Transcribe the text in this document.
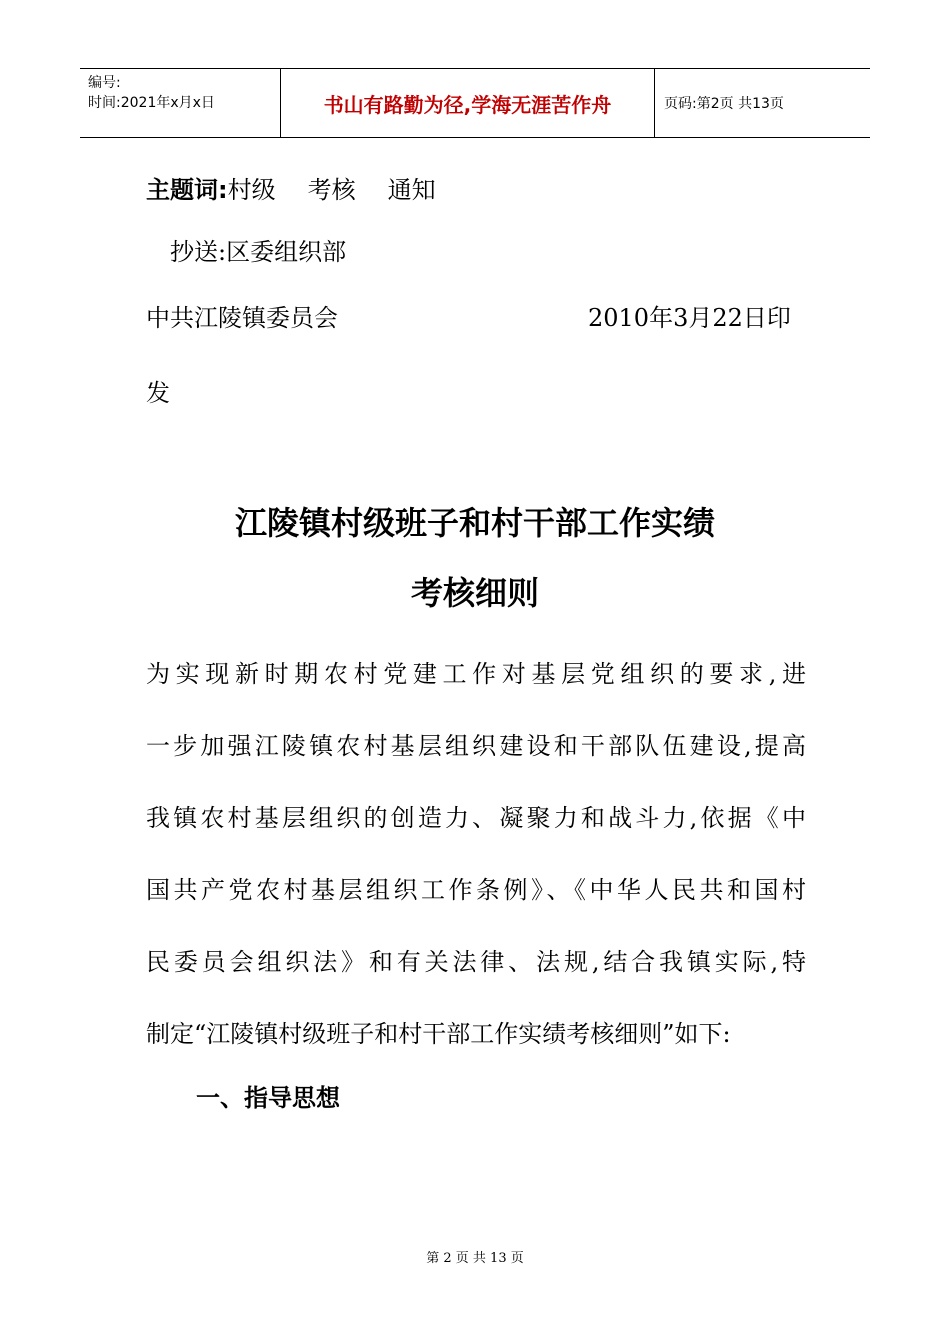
编号:
时间:2021年x月x日	书山有路勤为径,学海无涯苦作舟	页码:第2页 共13页
主题词:村级 考核 通知
抄送:区委组织部
中共江陵镇委员会	2010年3月22日印
发
江陵镇村级班子和村干部工作实绩
考核细则
为实现新时期农村党建工作对基层党组织的要求,进
一步加强江陵镇农村基层组织建设和干部队伍建设,提高
我镇农村基层组织的创造力、凝聚力和战斗力,依据《中
国共产党农村基层组织工作条例》、《中华人民共和国村
民委员会组织法》和有关法律、法规,结合我镇实际,特
制定“江陵镇村级班子和村干部工作实绩考核细则”如下:
一、指导思想
第 2 页 共 13 页
